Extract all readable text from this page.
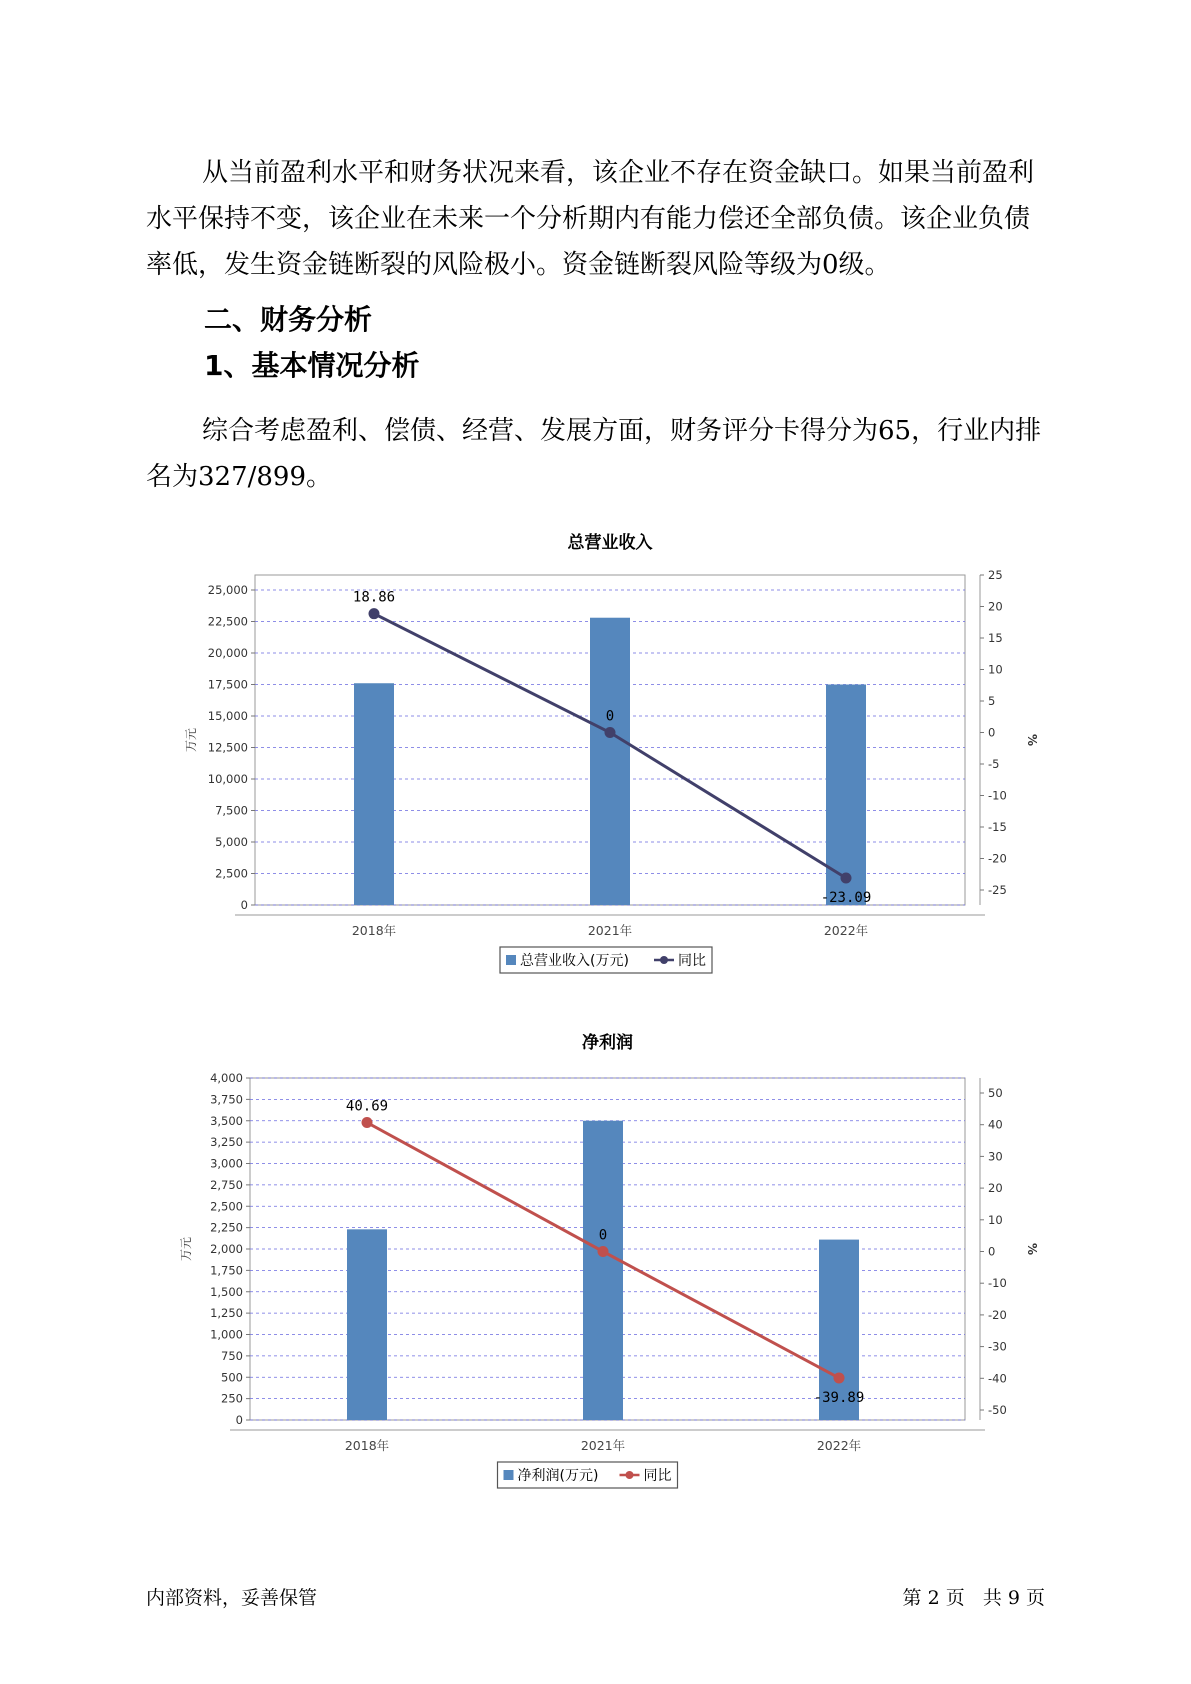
从当前盈利水平和财务状况来看，该企业不存在资金缺口。如果当前盈利水平保持不变，该企业在未来一个分析期内有能力偿还全部负债。该企业负债率低，发生资金链断裂的风险极小。资金链断裂风险等级为0级。

二、财务分析
1、基本情况分析

综合考虑盈利、偿债、经营、发展方面，财务评分卡得分为65，行业内排名为327/899。

总营业收入
0
2,500
5,000
7,500
10,000
12,500
15,000
17,500
20,000
22,500
25,000
-25
-20
-15
-10
-5
0
5
10
15
20
25
万元	%
2018年	2021年	2022年
18.86
0
-23.09
总营业收入(万元)	同比
净利润
0
250
500
750
1,000
1,250
1,500
1,750
2,000
2,250
2,500
2,750
3,000
3,250
3,500
3,750
4,000
-50
-40
-30
-20
-10
0
10
20
30
40
50
万元	%
2018年	2021年	2022年
40.69
0
-39.89
净利润(万元)	同比
内部资料，妥善保管	第 2 页   共 9 页
